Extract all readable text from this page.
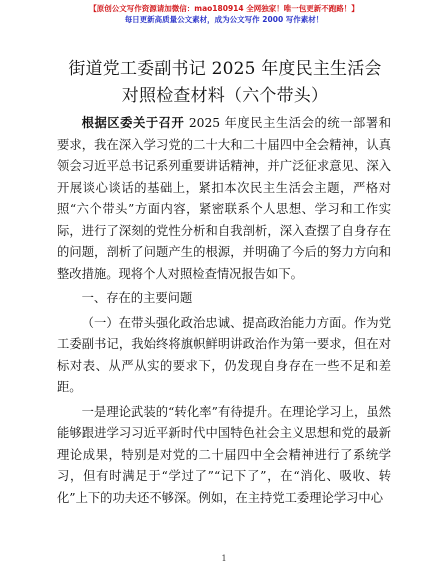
【原创公文写作资源请加微信：mao180914 全网独家！唯一包更新不跑路！】
每日更新高质量公文素材，成为公文写作 2000 写作素材！
街道党工委副书记 2025 年度民主生活会对照检查材料（六个带头）

根据区委关于召开 2025 年度民主生活会的统一部署和要求，我在深入学习党的二十大和二十届四中全会精神，认真领会习近平总书记系列重要讲话精神，并广泛征求意见、深入开展谈心谈话的基础上，紧扣本次民主生活会主题，严格对照“六个带头”方面内容，紧密联系个人思想、学习和工作实际，进行了深刻的党性分析和自我剖析，深入查摆了自身存在的问题，剖析了问题产生的根源，并明确了今后的努力方向和整改措施。现将个人对照检查情况报告如下。

一、存在的主要问题

（一）在带头强化政治忠诚、提高政治能力方面。作为党工委副书记，我始终将旗帜鲜明讲政治作为第一要求，但在对标对表、从严从实的要求下，仍发现自身存在一些不足和差距。

一是理论武装的“转化率”有待提升。在理论学习上，虽然能够跟进学习习近平新时代中国特色社会主义思想和党的最新理论成果，特别是对党的二十届四中全会精神进行了系统学习，但有时满足于“学过了”“记下了”，在“消化、吸收、转化”上下的功夫还不够深。例如，在主持党工委理论学习中心

1
